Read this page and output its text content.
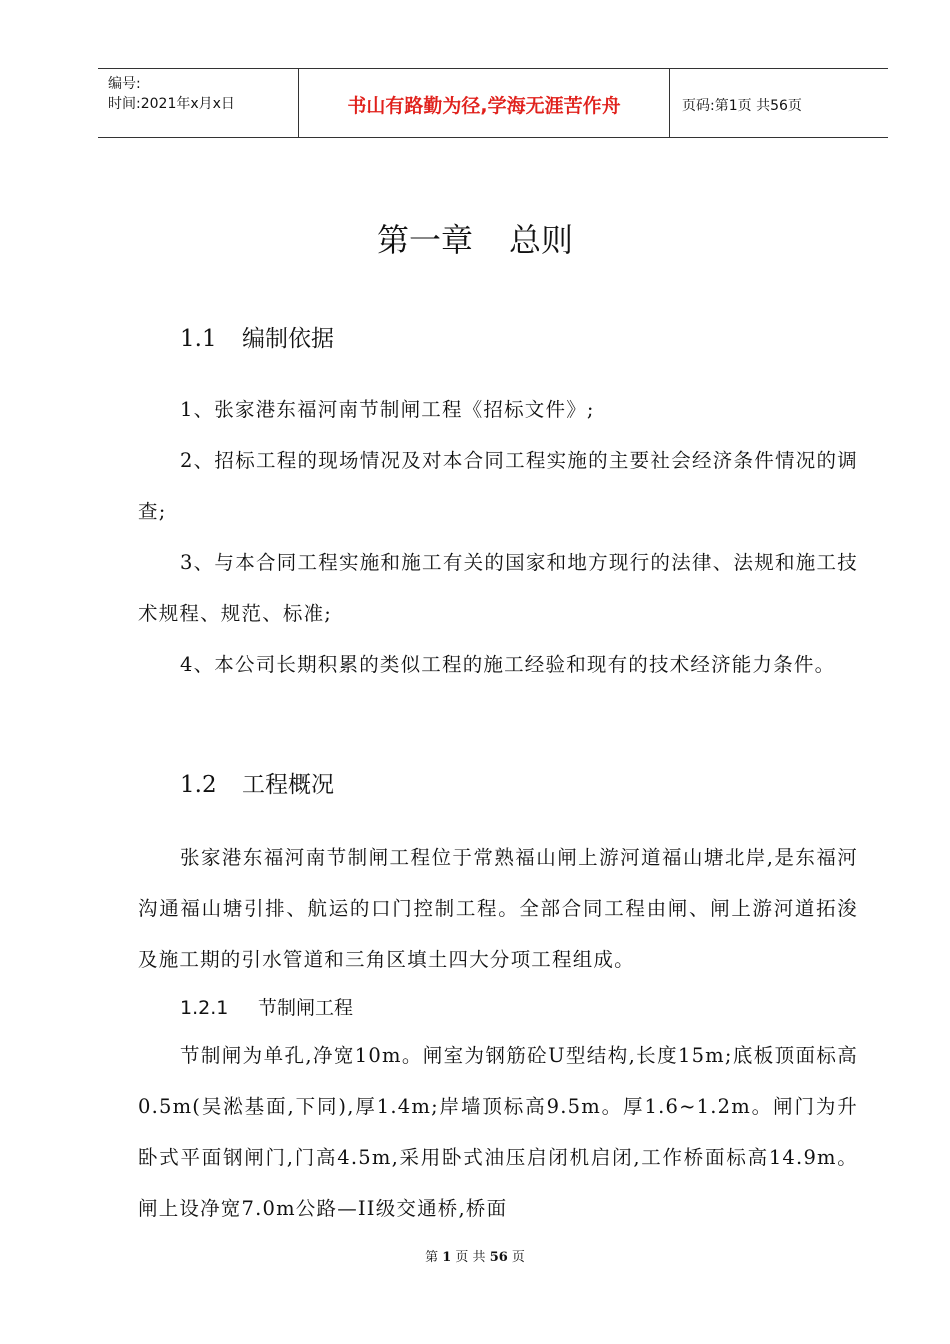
编号:
时间:2021年x月x日	书山有路勤为径,学海无涯苦作舟	页码:第1页 共56页
第一章 总则
1.1 编制依据

1、张家港东福河南节制闸工程《招标文件》;

2、招标工程的现场情况及对本合同工程实施的主要社会经济条件情况的调查;

3、与本合同工程实施和施工有关的国家和地方现行的法律、法规和施工技术规程、规范、标准;

4、本公司长期积累的类似工程的施工经验和现有的技术经济能力条件。

1.2 工程概况

张家港东福河南节制闸工程位于常熟福山闸上游河道福山塘北岸,是东福河沟通福山塘引排、航运的口门控制工程。全部合同工程由闸、闸上游河道拓浚及施工期的引水管道和三角区填土四大分项工程组成。

1.2.1 节制闸工程

节制闸为单孔,净宽10m。闸室为钢筋砼U型结构,长度15m;底板顶面标高0.5m(吴淞基面,下同),厚1.4m;岸墙顶标高9.5m。厚1.6~1.2m。闸门为升卧式平面钢闸门,门高4.5m,采用卧式油压启闭机启闭,工作桥面标高14.9m。闸上设净宽7.0m公路—II级交通桥,桥面

第 1 页 共 56 页
